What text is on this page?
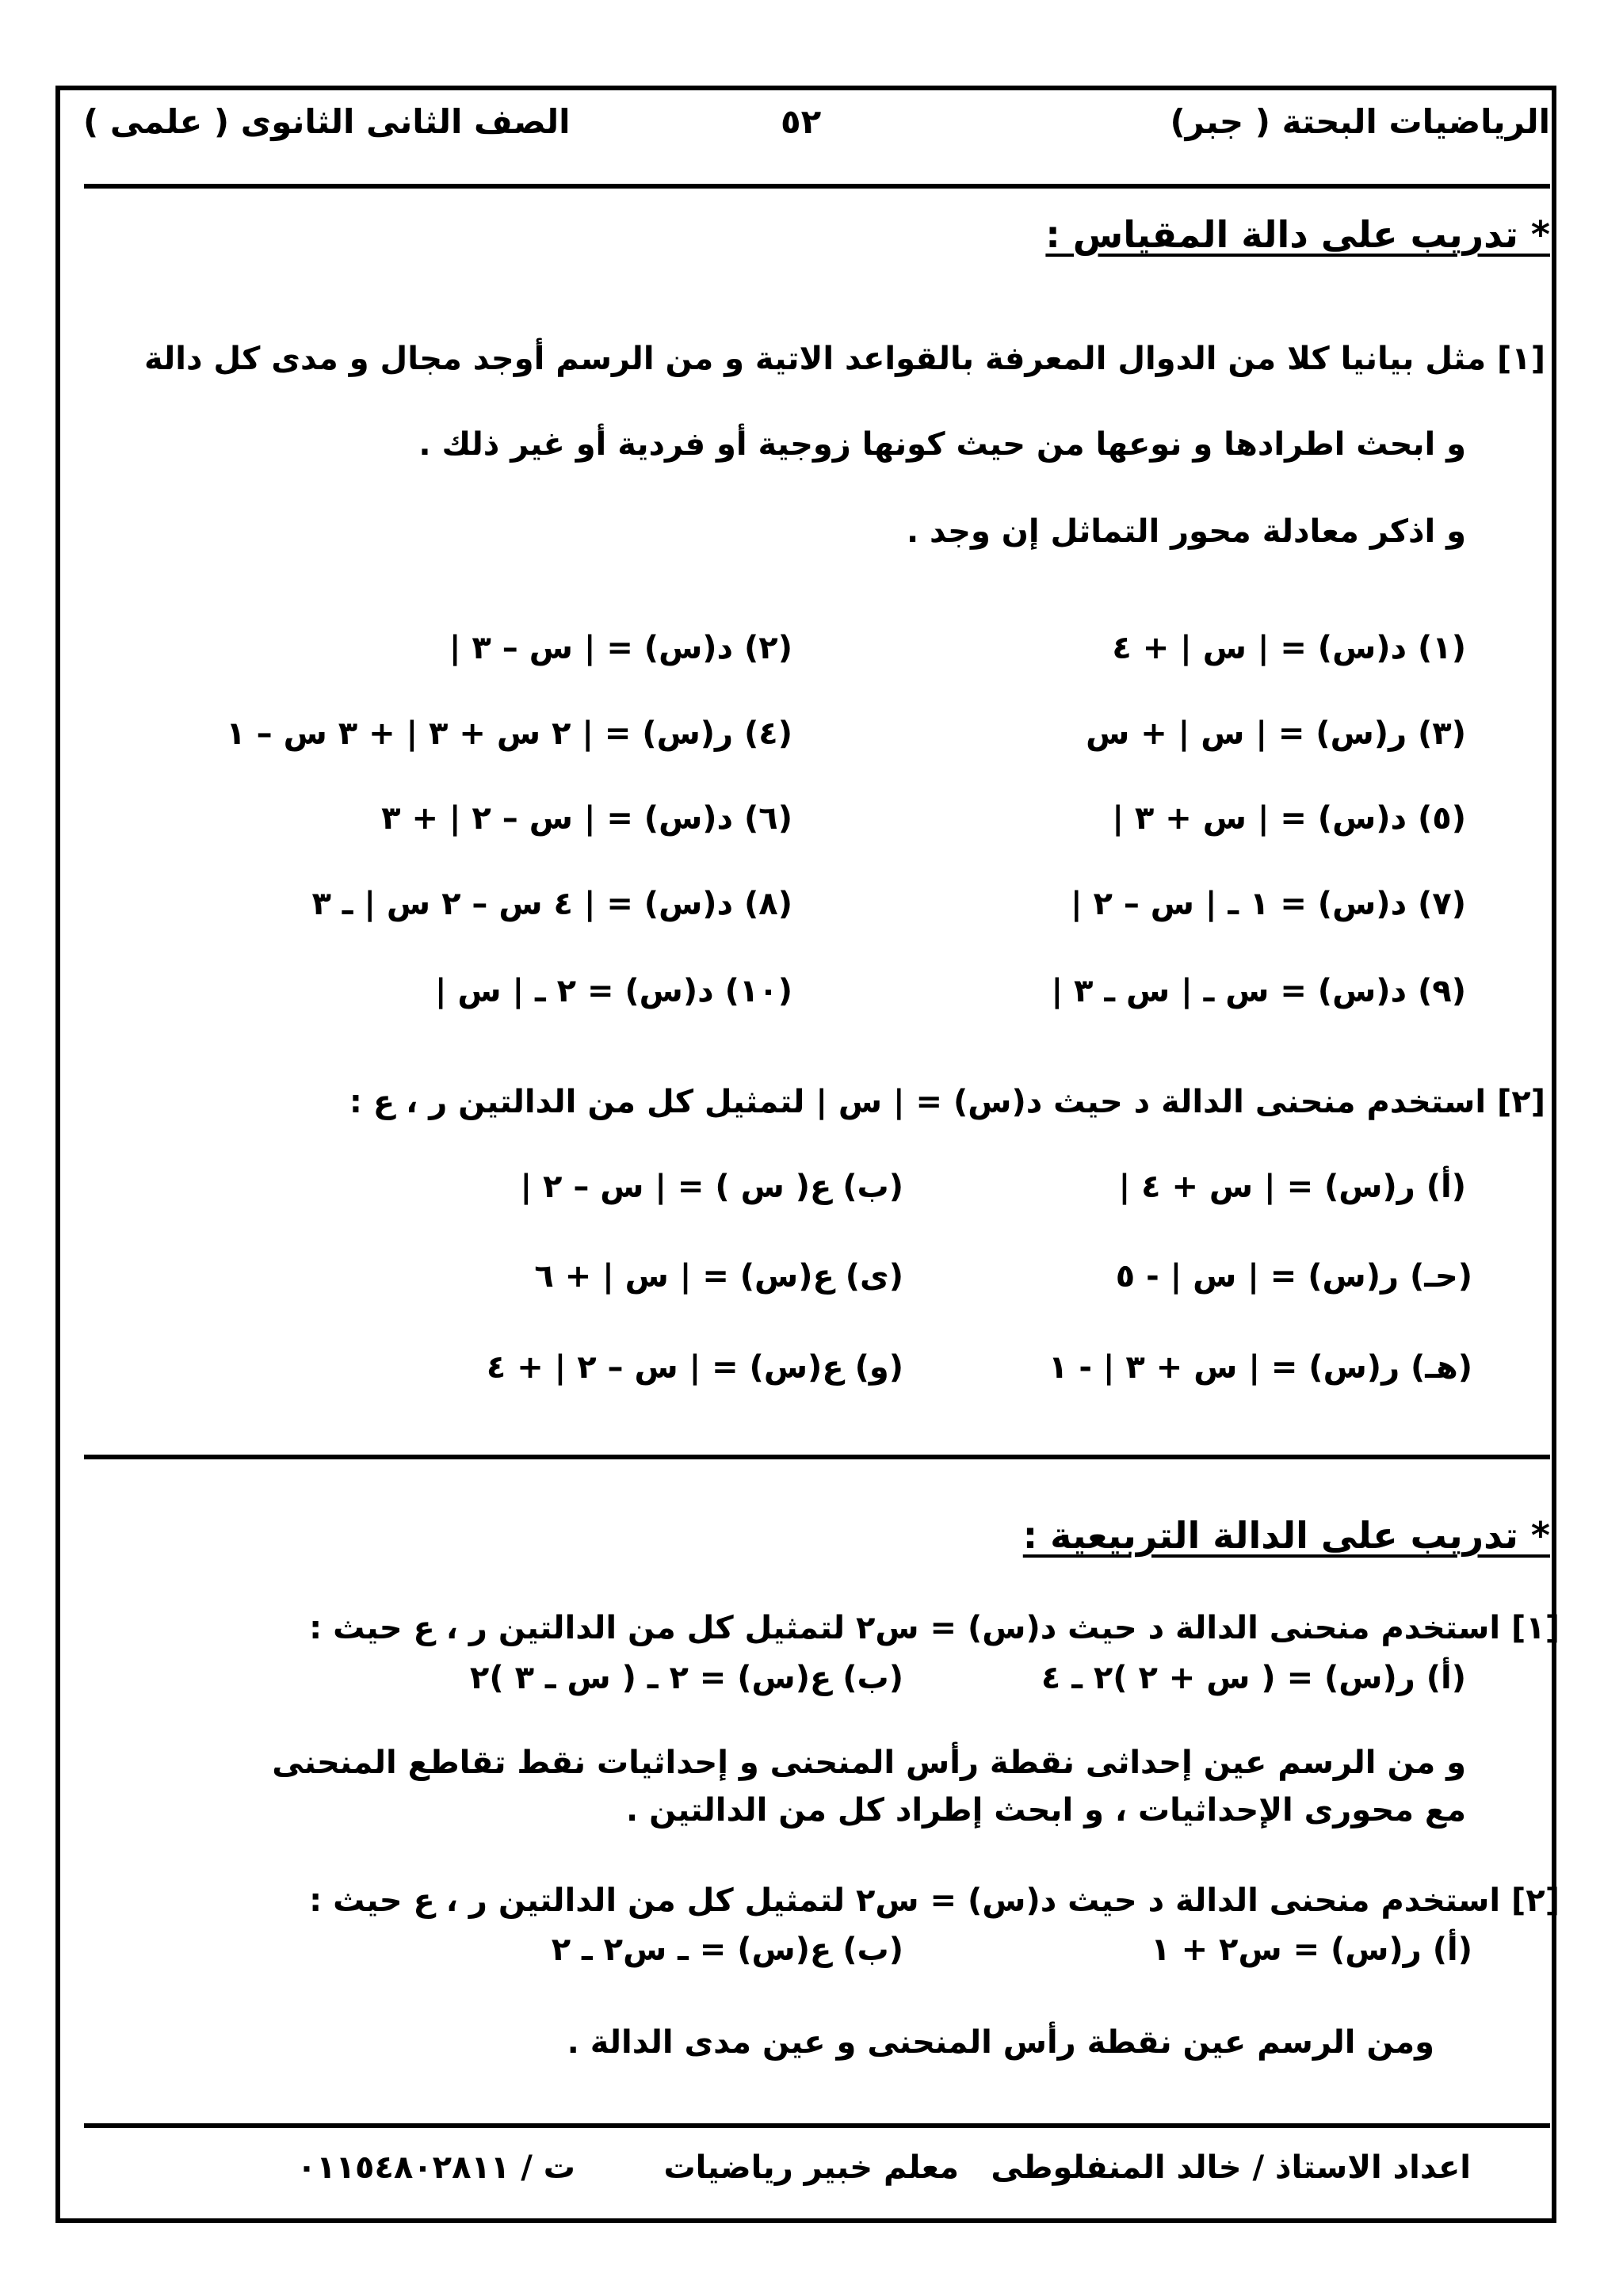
الرياضيات البحتة ( جبر)
٥٢
الصف الثانى الثانوى ( علمى )
* تدريب على دالة المقياس :
[١] مثل بيانيا كلا من الدوال المعرفة بالقواعد الاتية و من الرسم أوجد مجال و مدى كل دالة
و ابحث اطرادها و نوعها من حيث كونها زوجية أو فردية أو غير ذلك .
و اذكر معادلة محور التماثل إن وجد .
(١) د(س) = | س | + ٤
(٢) د(س) = | س – ٣ |
(٣) ر(س) = | س | + س
(٤) ر(س) = | ٢ س + ٣ | + ٣ س – ١
(٥) د(س) = | س + ٣ |
(٦) د(س) = | س – ٢ | + ٣
(٧) د(س) = ١ ـ | س – ٢ |
(٨) د(س) = | ٤ س – ٢ س | ـ ٣
(٩) د(س) = س ـ | س ـ ٣ |
(١٠) د(س) = ٢ ـ | س |
[٢] استخدم منحنى الدالة د حيث د(س) = | س | لتمثيل كل من الدالتين ر ، ع :
(أ) ر(س) = | س + ٤ |
(ب) ع( س ) = | س – ٢ |
(حـ) ر(س) = | س | - ٥
(ى) ع(س) = | س | + ٦
(هـ) ر(س) = | س + ٣ | - ١
(و) ع(س) = | س – ٢ | + ٤
* تدريب على الدالة التربيعية :
[١] استخدم منحنى الدالة د حيث د(س) = س٢ لتمثيل كل من الدالتين ر ، ع حيث :
(أ) ر(س) = ( س + ٢ )٢ ـ ٤
(ب) ع(س) = ٢ ـ ( س ـ ٣ )٢
و من الرسم عين إحداثى نقطة رأس المنحنى و إحداثيات نقط تقاطع المنحنى
مع محورى الإحداثيات ، و ابحث إطراد كل من الدالتين .
[٢] استخدم منحنى الدالة د حيث د(س) = س٢ لتمثيل كل من الدالتين ر ، ع حيث :
(أ) ر(س) = س٢ + ١
(ب) ع(س) = ـ س٢ ـ ٢
ومن الرسم عين نقطة رأس المنحنى و عين مدى الدالة .
اعداد الاستاذ / خالد المنفلوطى
معلم خبير رياضيات
ت / ٠١١٥٤٨٠٢٨١١
